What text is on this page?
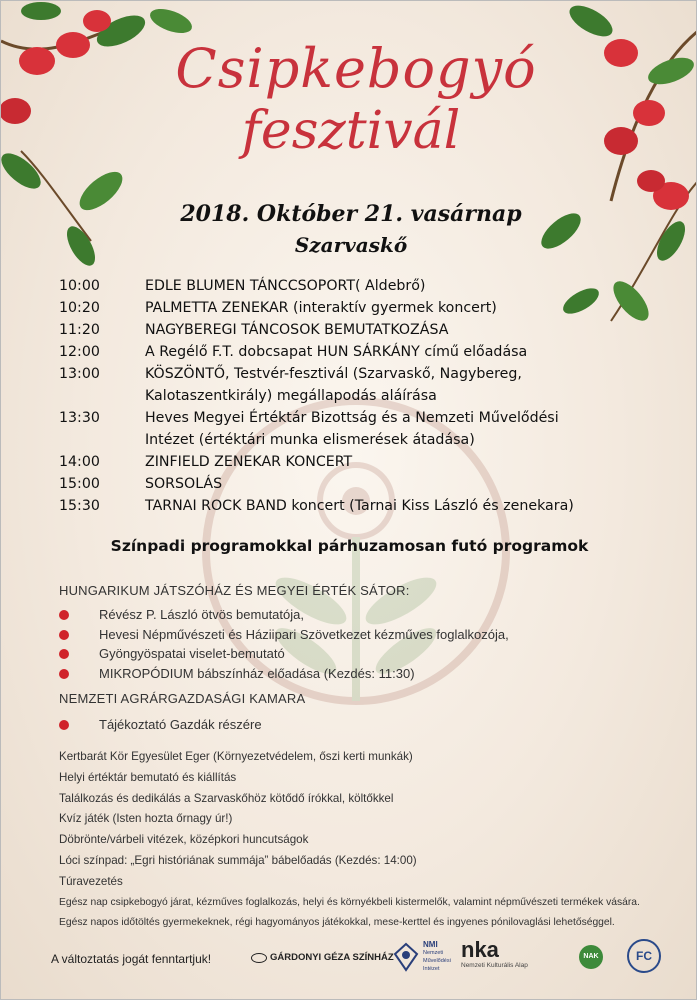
Csipkebogyó
fesztivál
2018. Október 21. vasárnap
Szarvaskő
10:00	EDLE BLUMEN TÁNCCSOPORT( Aldebrő)
10:20	PALMETTA ZENEKAR (interaktív gyermek koncert)
11:20	NAGYBEREGI TÁNCOSOK BEMUTATKOZÁSA
12:00	A Regélő F.T. dobcsapat HUN SÁRKÁNY című előadása
13:00	KÖSZÖNTŐ, Testvér-fesztivál (Szarvaskő, Nagybereg,
Kalotaszentkirály) megállapodás aláírása
13:30	Heves Megyei Értéktár Bizottság és a Nemzeti Művelődési
Intézet (értéktári munka elismerések átadása)
14:00	ZINFIELD ZENEKAR KONCERT
15:00	SORSOLÁS
15:30	TARNAI ROCK BAND koncert (Tarnai Kiss László és zenekara)
Színpadi programokkal párhuzamosan futó programok
HUNGARIKUM JÁTSZÓHÁZ ÉS MEGYEI ÉRTÉK SÁTOR:
Révész P. László ötvös bemutatója,
Hevesi Népművészeti és Háziipari Szövetkezet kézműves foglalkozója,
Gyöngyöspatai viselet-bemutató
MIKROPÓDIUM bábszínház előadása (Kezdés: 11:30)
NEMZETI AGRÁRGAZDASÁGI KAMARA
Tájékoztató Gazdák részére
Kertbarát Kör Egyesület Eger (Környezetvédelem, őszi kerti munkák)
Helyi értéktár bemutató és kiállítás
Találkozás és dedikálás a Szarvaskőhöz kötődő írókkal, költőkkel
Kvíz játék (Isten hozta őrnagy úr!)
Döbrönte/várbeli vitézek, középkori huncutságok
Lóci színpad: „Egri históriának summája” bábelőadás (Kezdés: 14:00)
Túravezetés
Egész nap csipkebogyó járat, kézműves foglalkozás, helyi és környékbeli kistermelők, valamint népművészeti termékek vására.
Egész napos időtöltés gyermekeknek, régi hagyományos játékokkal, mese-kerttel és ingyenes pónilovaglási lehetőséggel.
A változtatás jogát fenntartjuk!	GÁRDONYI GÉZA SZÍNHÁZ
NMI
Nemzeti
Művelődési
Intézet
nka
Nemzeti Kulturális Alap
NAK	FC
